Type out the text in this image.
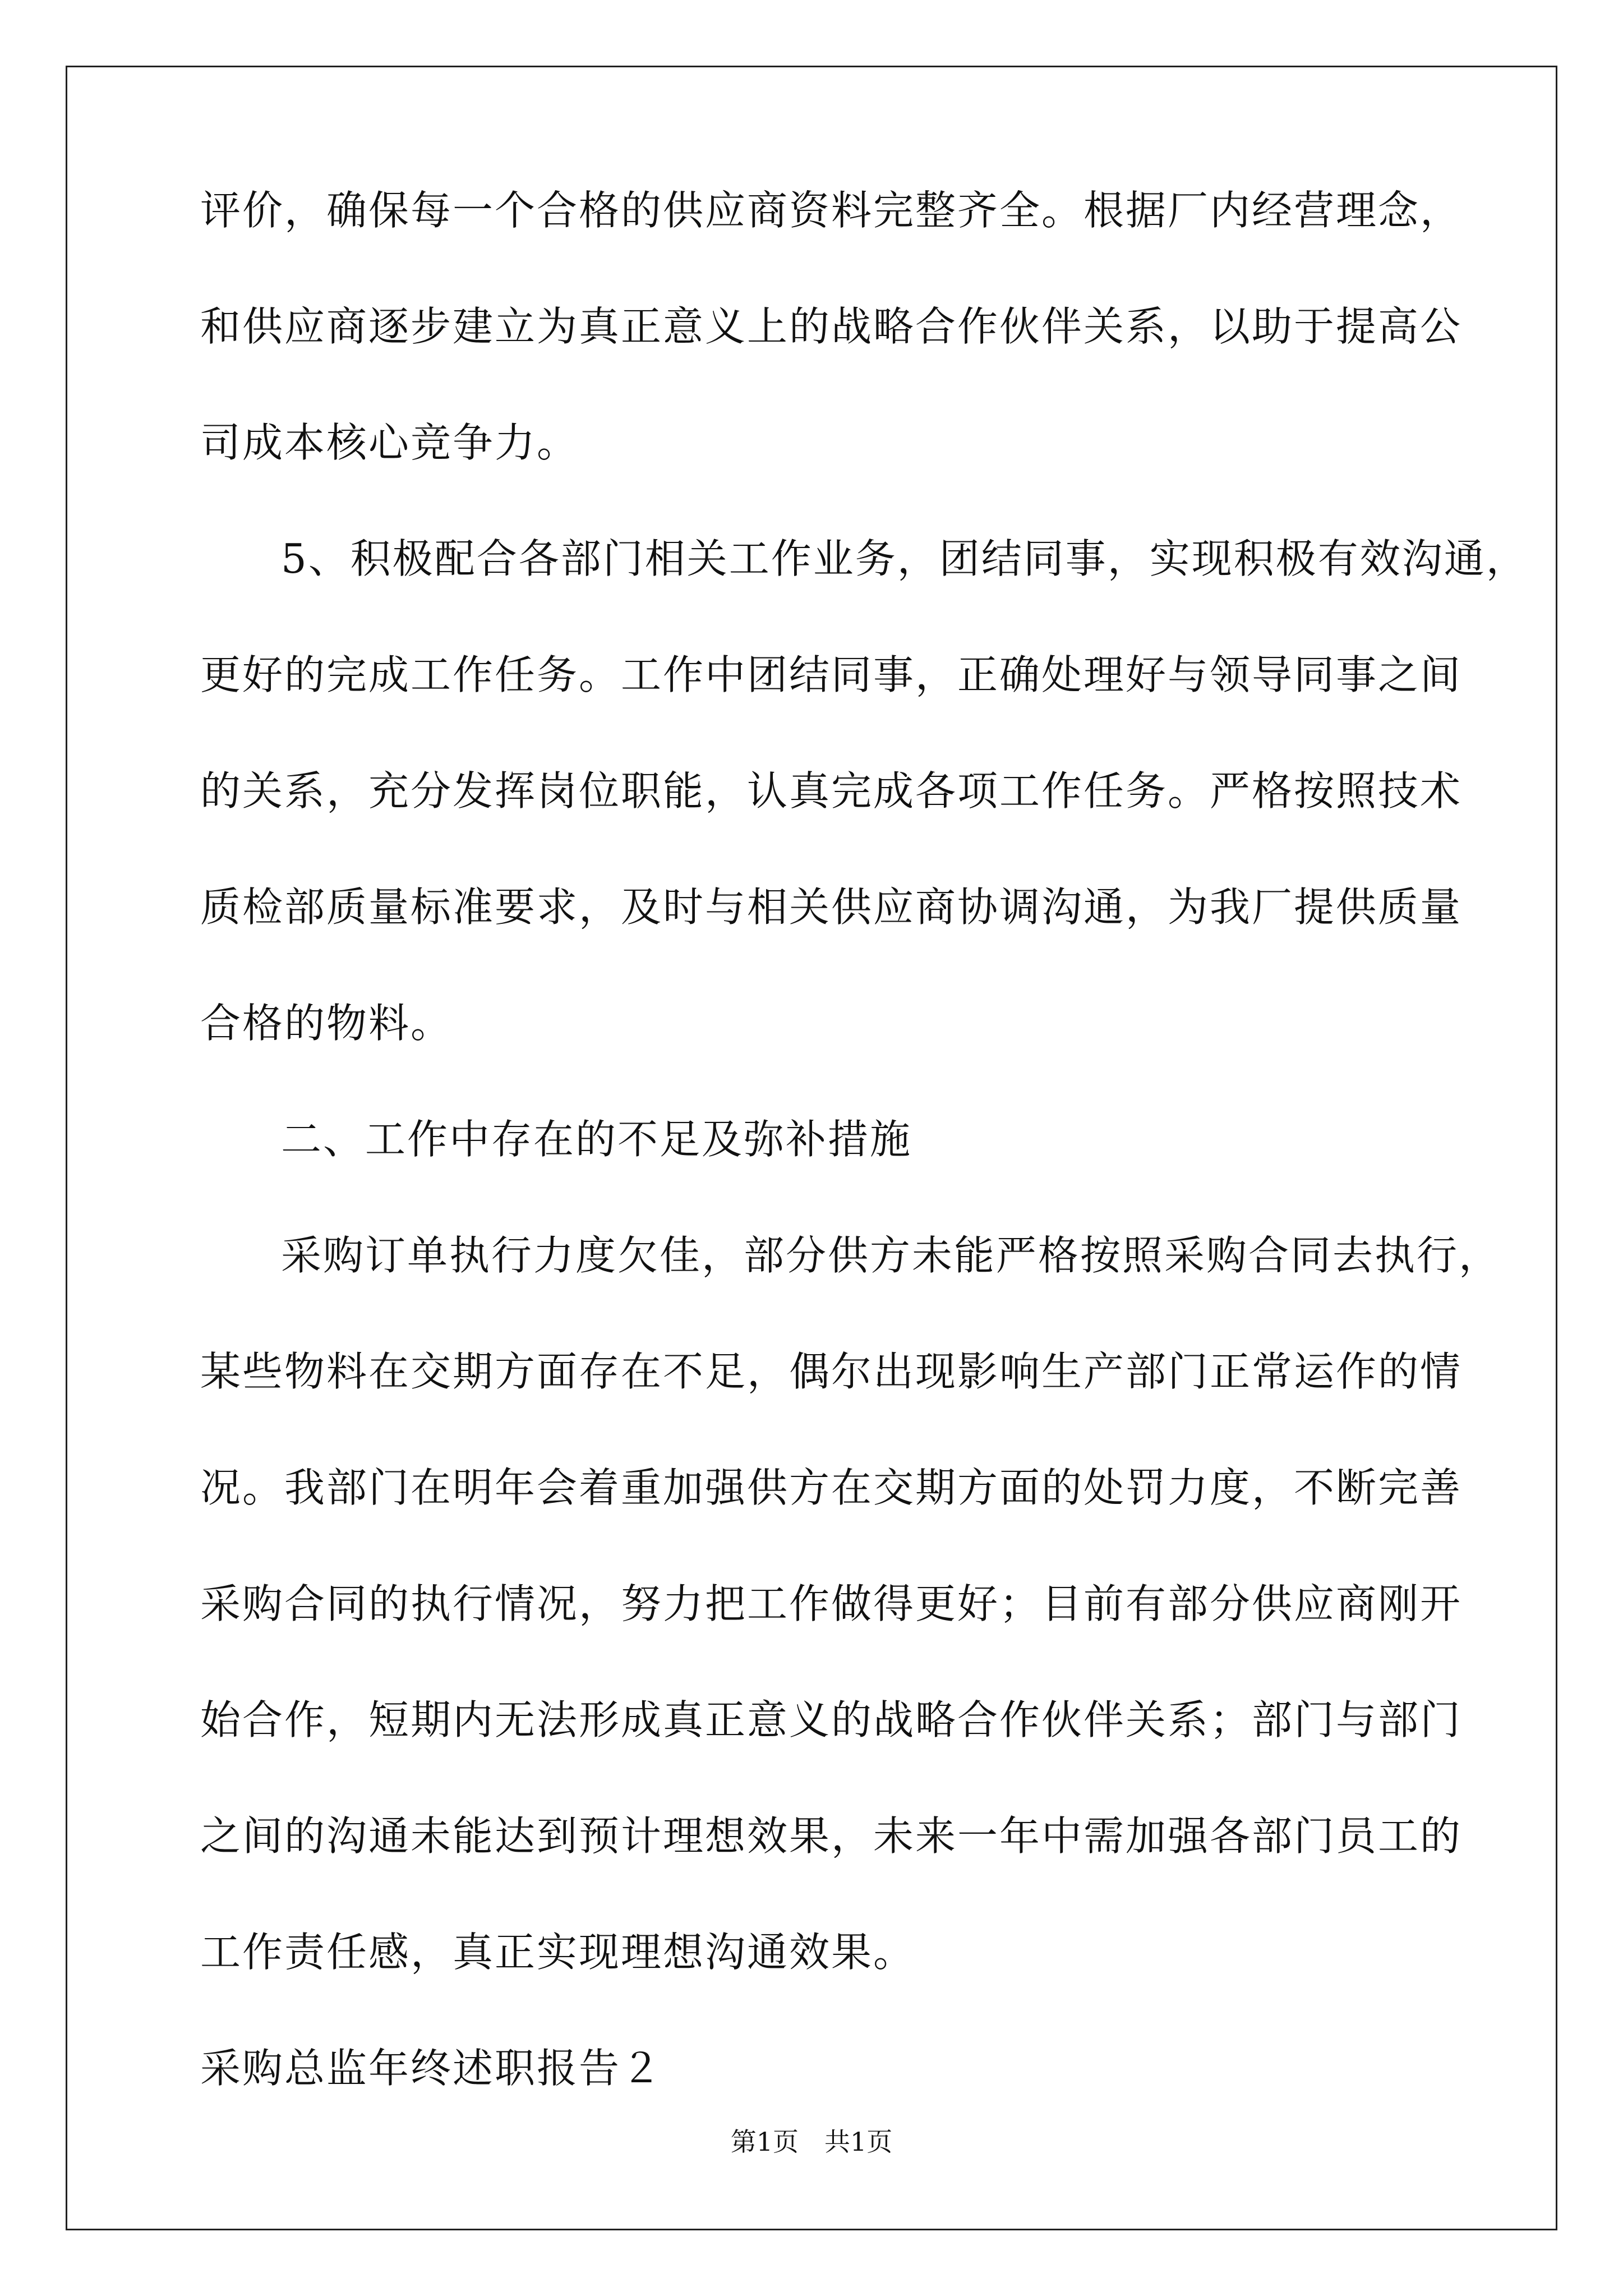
评价，确保每一个合格的供应商资料完整齐全。根据厂内经营理念，
和供应商逐步建立为真正意义上的战略合作伙伴关系，以助于提高公
司成本核心竞争力。
5、积极配合各部门相关工作业务，团结同事，实现积极有效沟通，
更好的完成工作任务。工作中团结同事，正确处理好与领导同事之间
的关系，充分发挥岗位职能，认真完成各项工作任务。严格按照技术
质检部质量标准要求，及时与相关供应商协调沟通，为我厂提供质量
合格的物料。
二、工作中存在的不足及弥补措施
采购订单执行力度欠佳，部分供方未能严格按照采购合同去执行，
某些物料在交期方面存在不足，偶尔出现影响生产部门正常运作的情
况。我部门在明年会着重加强供方在交期方面的处罚力度，不断完善
采购合同的执行情况，努力把工作做得更好；目前有部分供应商刚开
始合作，短期内无法形成真正意义的战略合作伙伴关系；部门与部门
之间的沟通未能达到预计理想效果，未来一年中需加强各部门员工的
工作责任感，真正实现理想沟通效果。
采购总监年终述职报告２
第1页　共1页
